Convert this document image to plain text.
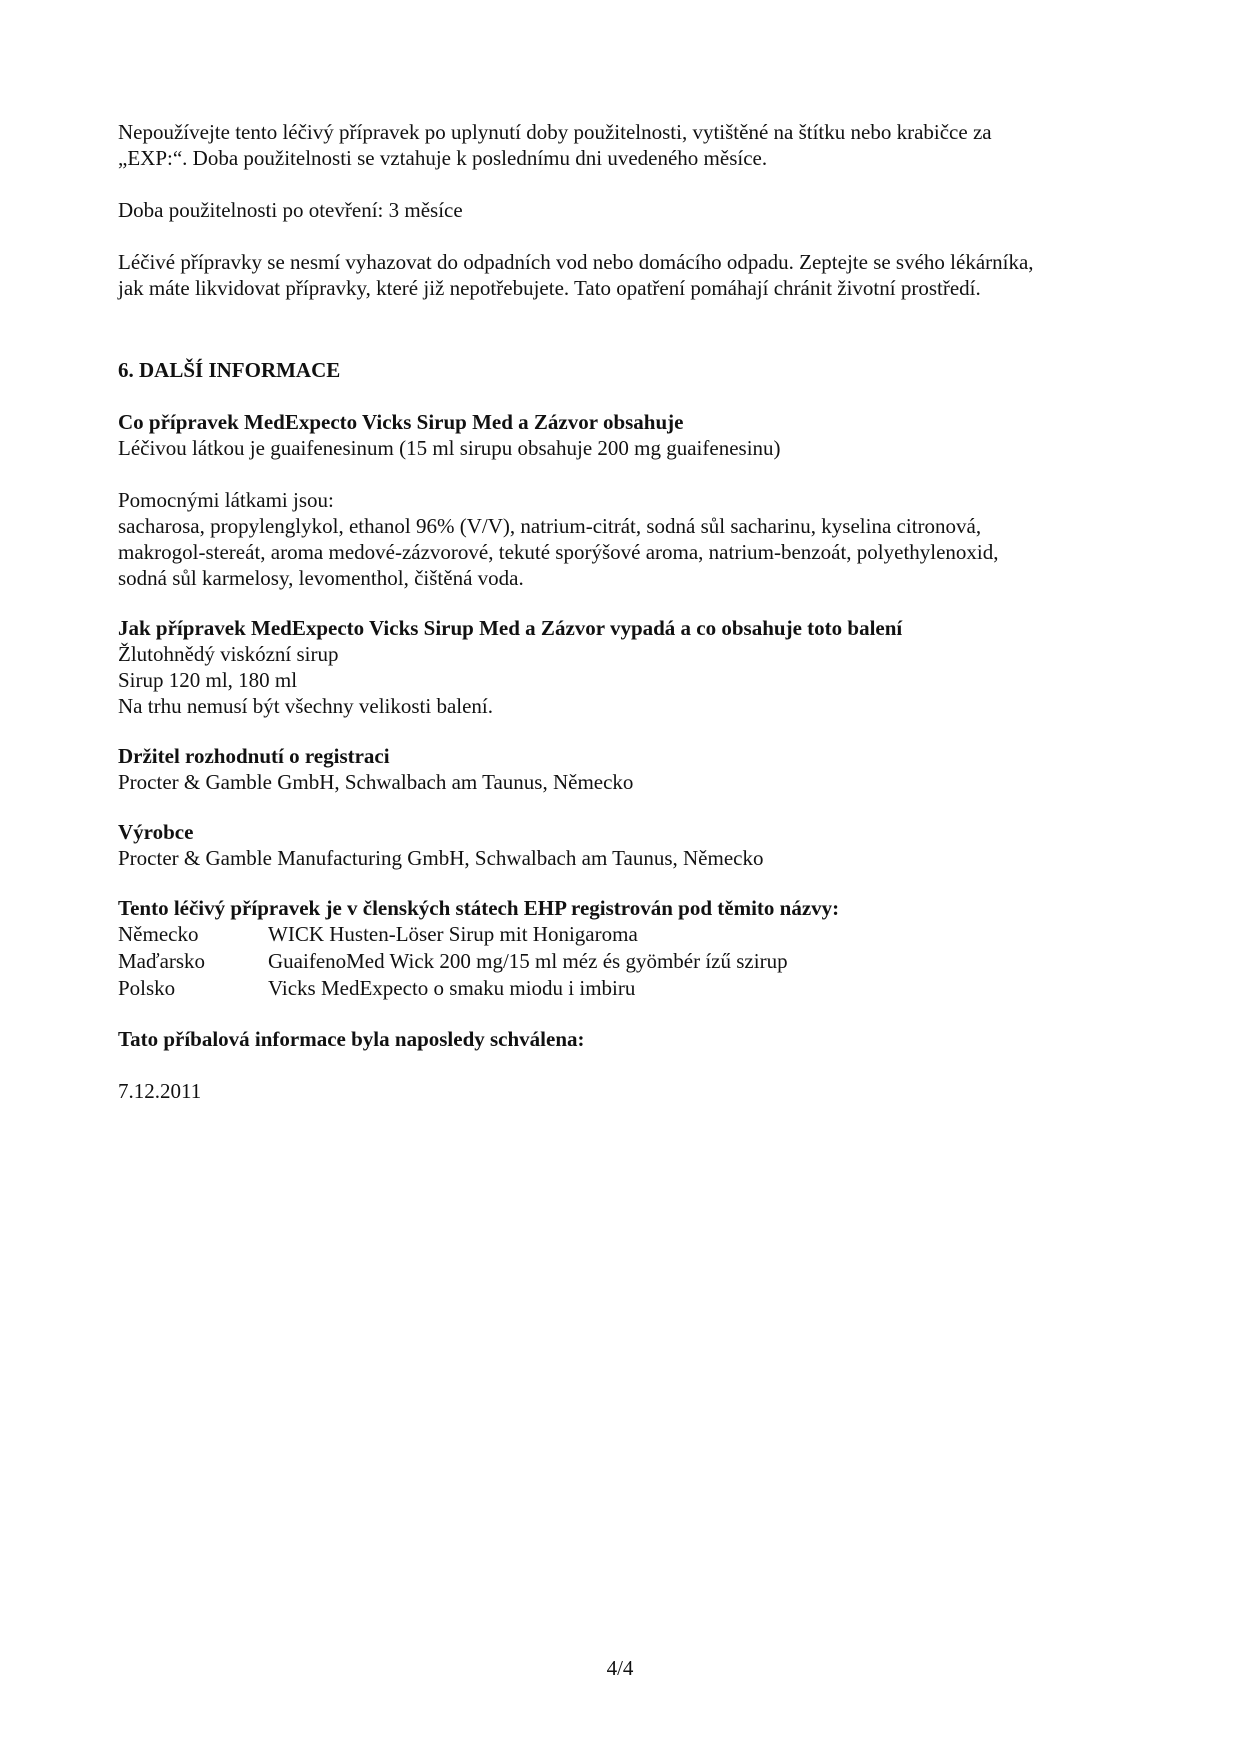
Nepoužívejte tento léčivý přípravek po uplynutí doby použitelnosti, vytištěné na štítku nebo krabičce za
„EXP:“. Doba použitelnosti se vztahuje k poslednímu dni uvedeného měsíce.

Doba použitelnosti po otevření: 3 měsíce

Léčivé přípravky se nesmí vyhazovat do odpadních vod nebo domácího odpadu. Zeptejte se svého lékárníka,
jak máte likvidovat přípravky, které již nepotřebujete. Tato opatření pomáhají chránit životní prostředí.

6. DALŠÍ INFORMACE

Co přípravek MedExpecto Vicks Sirup Med a Zázvor obsahuje
Léčivou látkou je guaifenesinum (15 ml sirupu obsahuje 200 mg guaifenesinu)

Pomocnými látkami jsou:
sacharosa, propylenglykol, ethanol 96% (V/V), natrium-citrát, sodná sůl sacharinu, kyselina citronová,
makrogol-stereát, aroma medové-zázvorové, tekuté sporýšové aroma, natrium-benzoát, polyethylenoxid,
sodná sůl karmelosy, levomenthol, čištěná voda.

Jak přípravek MedExpecto Vicks Sirup Med a Zázvor vypadá a co obsahuje toto balení
Žlutohnědý viskózní sirup
Sirup 120 ml, 180 ml
Na trhu nemusí být všechny velikosti balení.

Držitel rozhodnutí o registraci
Procter & Gamble GmbH, Schwalbach am Taunus, Německo

Výrobce
Procter & Gamble Manufacturing GmbH, Schwalbach am Taunus, Německo

Tento léčivý přípravek je v členských státech EHP registrován pod těmito názvy:

Německo	WICK Husten-Löser Sirup mit Honigaroma
Maďarsko	GuaifenoMed Wick 200 mg/15 ml méz és gyömbér ízű szirup
Polsko	Vicks MedExpecto o smaku miodu i imbiru

Tato příbalová informace byla naposledy schválena:

7.12.2011

4/4
